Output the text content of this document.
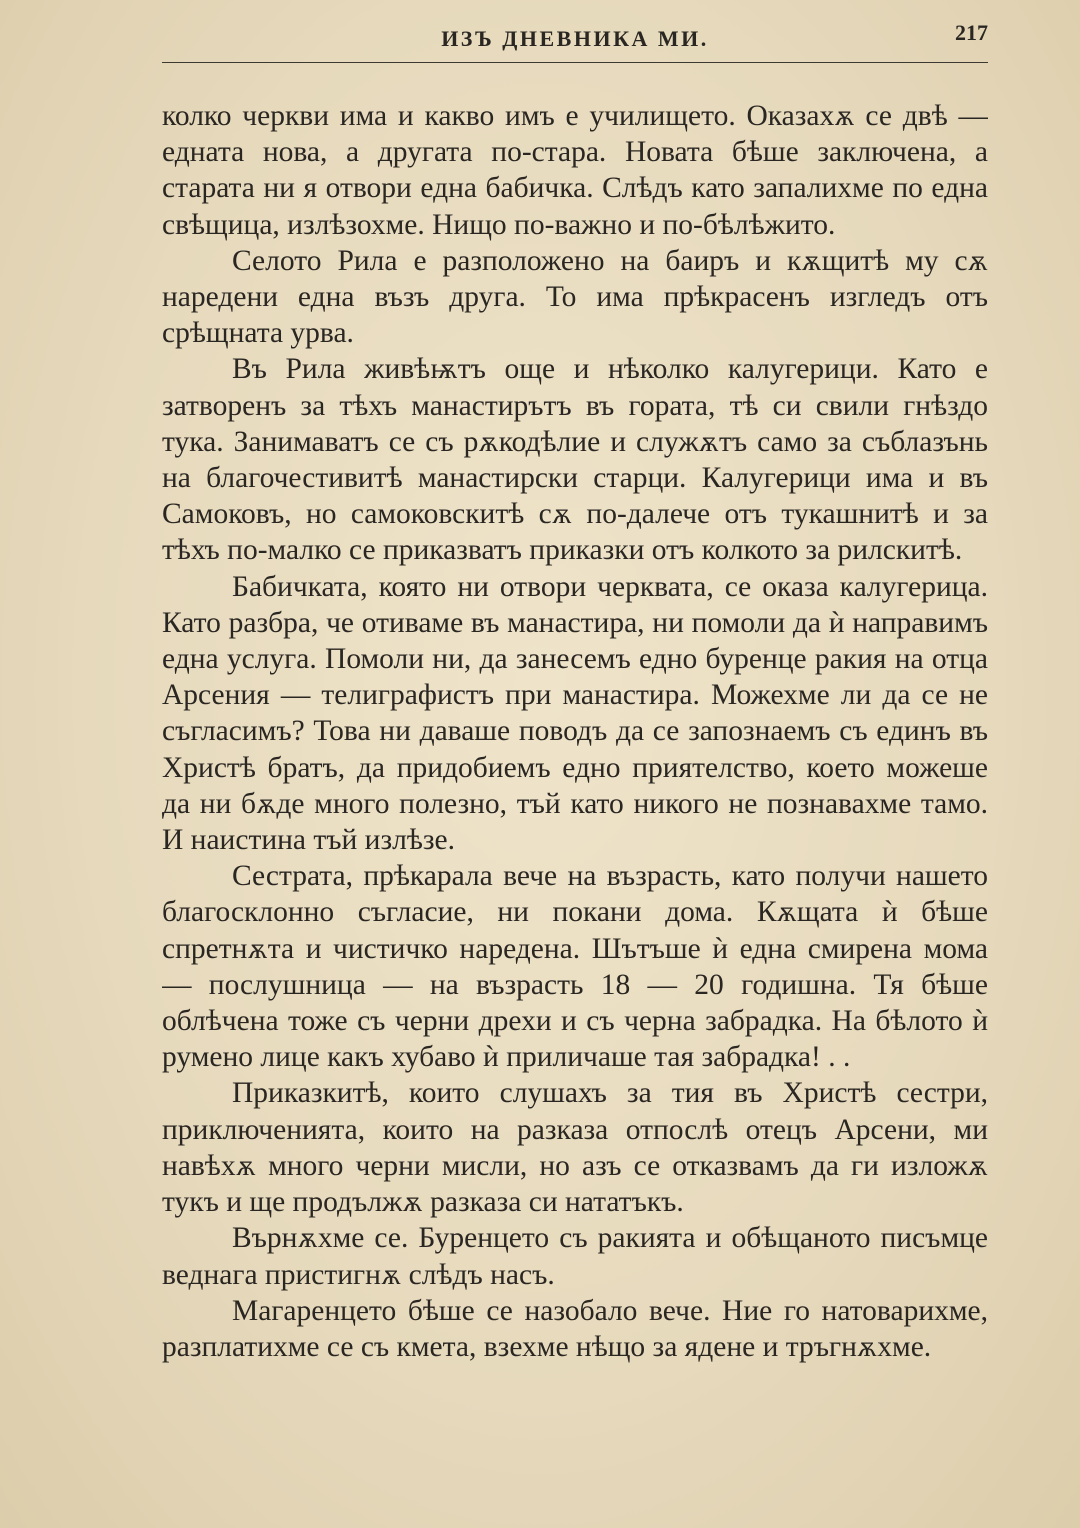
ИЗЪ ДНЕВНИКА МИ.	217

колко черкви има и какво имъ е училището. Оказахѫ се двѣ — едната нова, а другата по-стара. Новата бѣше заключена, а старата ни я отвори една бабичка. Слѣдъ като запалихме по една свѣщица, излѣзохме. Нищо по-важно и по-бѣлѣжито.

Селото Рила е разположено на баиръ и кѫщитѣ му сѫ наредени една възъ друга. То има прѣкрасенъ изгледъ отъ срѣщната урва.

Въ Рила живѣѭтъ още и нѣколко калугерици. Като е затворенъ за тѣхъ манастирътъ въ гората, тѣ си свили гнѣздо тука. Занимаватъ се съ рѫкодѣлие и служѫтъ само за съблазънь на благочестивитѣ манастирски старци. Калугерици има и въ Самоковъ, но самоковскитѣ сѫ по-далече отъ тукашнитѣ и за тѣхъ по-малко се приказватъ приказки отъ колкото за рилскитѣ.

Бабичката, която ни отвори черквата, се оказа калугерица. Като разбра, че отиваме въ манастира, ни помоли да ѝ направимъ една услуга. Помоли ни, да занесемъ едно буренце ракия на отца Арсения — телиграфистъ при манастира. Можехме ли да се не съгласимъ? Това ни даваше поводъ да се запознаемъ съ единъ въ Христѣ братъ, да придобиемъ едно приятелство, което можеше да ни бѫде много полезно, тъй като никого не познавахме тамо. И наистина тъй излѣзе.

Сестрата, прѣкарала вече на възрасть, като получи нашето благосклонно съгласие, ни покани дома. Кѫщата ѝ бѣше спретнѫта и чистичко наредена. Шътъше ѝ една смирена мома — послушница — на възрасть 18 — 20 годишна. Тя бѣше облѣчена тоже съ черни дрехи и съ черна забрадка. На бѣлото ѝ румено лице какъ хубаво ѝ приличаше тая забрадка! . .

Приказкитѣ, които слушахъ за тия въ Христѣ сестри, приключенията, които на разказа отпослѣ отецъ Арсени, ми навѣхѫ много черни мисли, но азъ се отказвамъ да ги изложѫ тукъ и ще продължѫ разказа си нататъкъ.

Върнѫхме се. Буренцето съ ракията и обѣщаното писъмце веднага пристигнѫ слѣдъ насъ.

Магаренцето бѣше се назобало вече. Ние го натоварихме, разплатихме се съ кмета, взехме нѣщо за ядене и тръгнѫхме.
